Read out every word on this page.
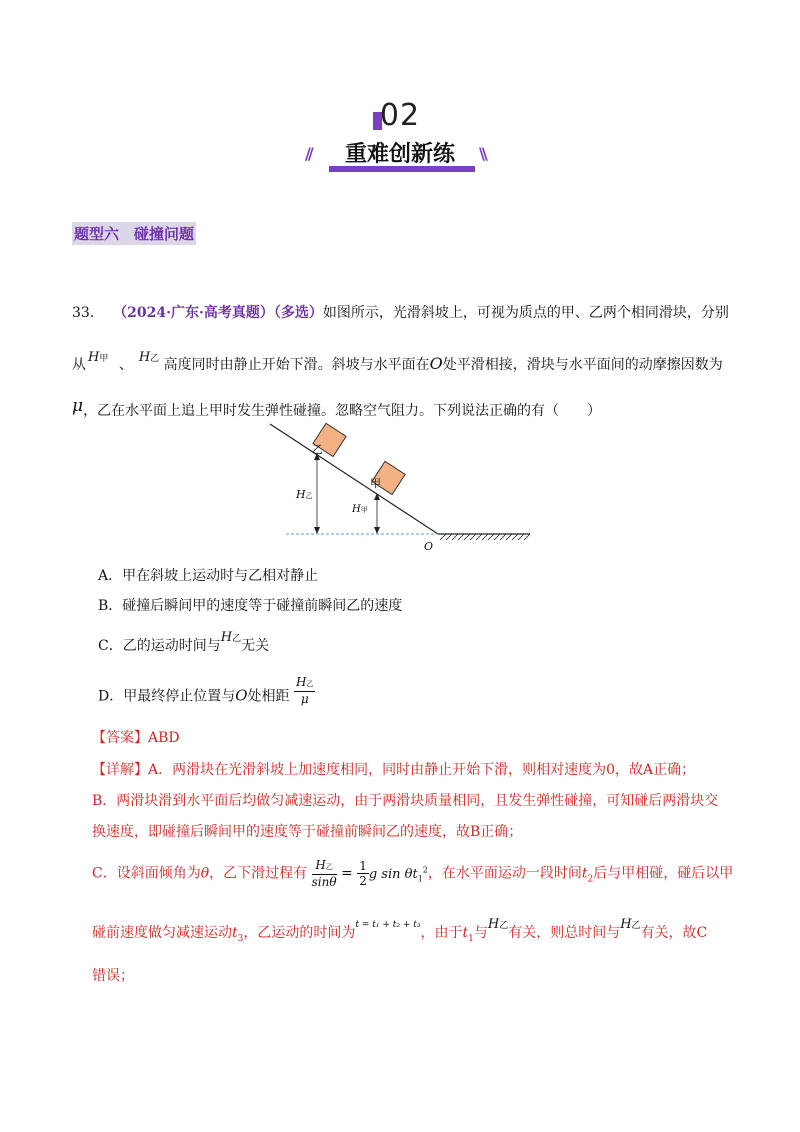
02
//	重难创新练	\\
题型六　碰撞问题
33. （2024·广东·高考真题）（多选）如图所示，光滑斜坡上，可视为质点的甲、乙两个相同滑块，分别
从 H甲 、 H乙 高度同时由静止开始下滑。斜坡与水平面在O处平滑相接，滑块与水平面间的动摩擦因数为
μ，乙在水平面上追上甲时发生弹性碰撞。忽略空气阻力。下列说法正确的有（　　）
乙
甲
H乙
H甲
O
A．甲在斜坡上运动时与乙相对静止
B．碰撞后瞬间甲的速度等于碰撞前瞬间乙的速度
C．乙的运动时间与H乙无关
D．甲最终停止位置与O处相距 $\frac{\text{H乙}}{\mu}$
【答案】ABD
【详解】A．两滑块在光滑斜坡上加速度相同，同时由静止开始下滑，则相对速度为0，故A正确；
B．两滑块滑到水平面后均做匀减速运动，由于两滑块质量相同，且发生弹性碰撞，可知碰后两滑块交
换速度，即碰撞后瞬间甲的速度等于碰撞前瞬间乙的速度，故B正确；
C．设斜面倾角为θ，乙下滑过程有 $\frac{\text{H乙}}{\sin\theta} = \frac{1}{2}$ g $\sin \theta t_1^2$，在水平面运动一段时间$t_2$后与甲相碰，碰后以甲
碰前速度做匀减速运动$t_3$，乙运动的时间为$^{t = t_1 + t_2 + t_3}$，由于$t_1$与H乙有关，则总时间与H乙有关，故C
错误；
